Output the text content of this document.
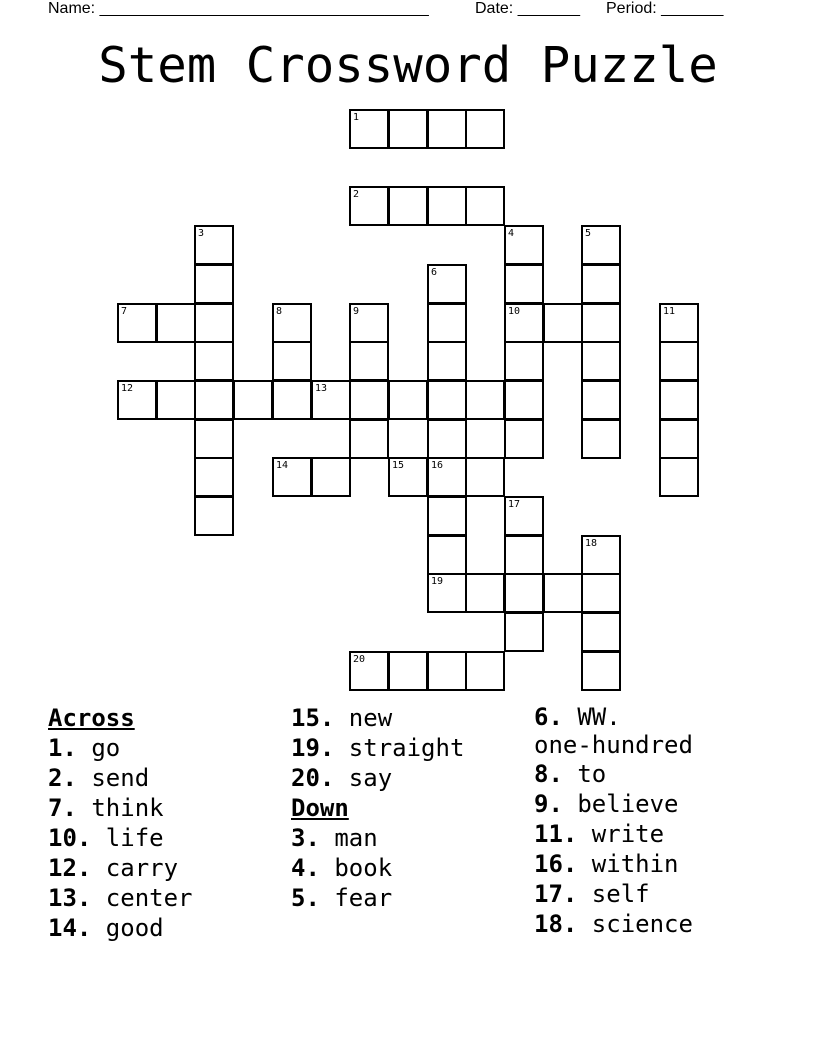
Name: _____________________________________

	Date: _______

Period: _______

Stem Crossword Puzzle
1
2
3	4	5
6
7	8	9	10	11
12	13
14	15	16
17
18
19
20
Across
1. go
2. send
7. think
10. life
12. carry
13. center
14. good
15. new
19. straight
20. say
Down
3. man
4. book
5. fear
6. WW.
one-hundred
8. to
9. believe
11. write
16. within
17. self
18. science
